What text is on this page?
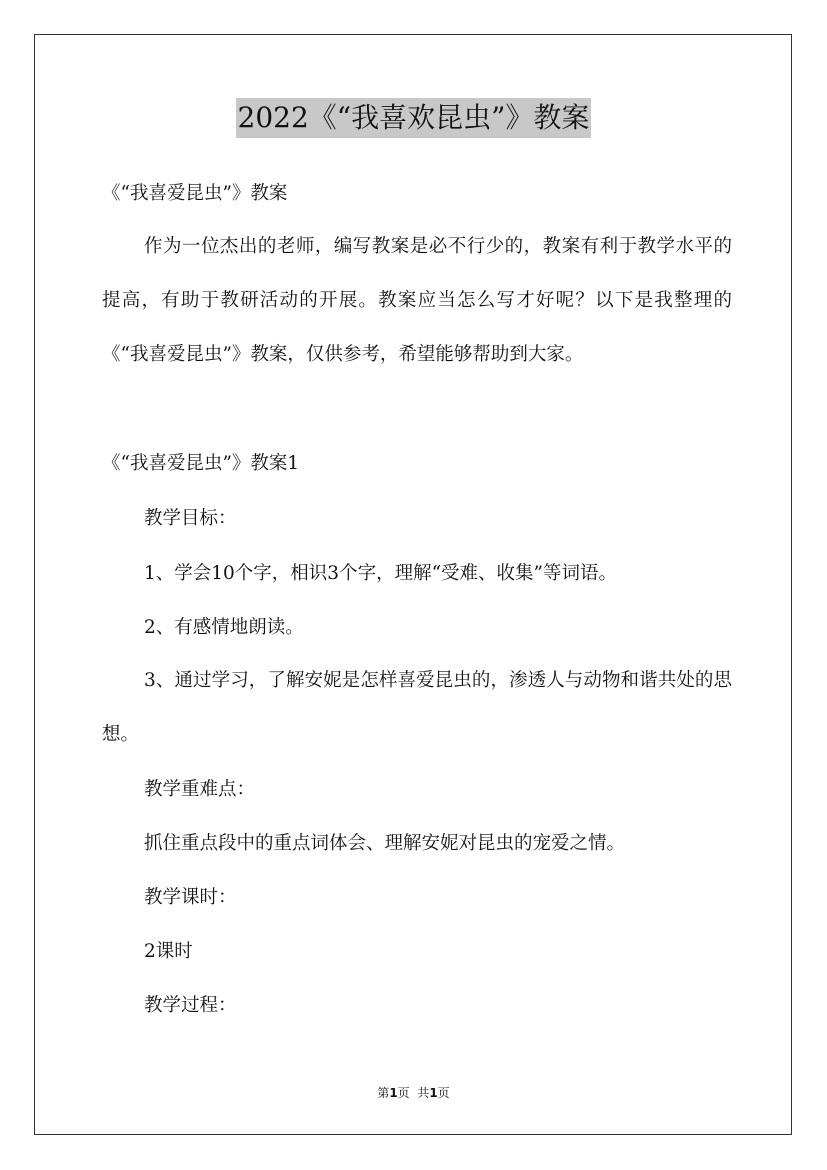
2022《“我喜欢昆虫”》教案

《“我喜爱昆虫”》教案

作为一位杰出的老师，编写教案是必不行少的，教案有利于教学水平的提高，有助于教研活动的开展。教案应当怎么写才好呢？以下是我整理的《“我喜爱昆虫”》教案，仅供参考，希望能够帮助到大家。

《“我喜爱昆虫”》教案1

教学目标：

1、学会10个字，相识3个字，理解“受难、收集”等词语。

2、有感情地朗读。

3、通过学习，了解安妮是怎样喜爱昆虫的，渗透人与动物和谐共处的思想。

教学重难点：

抓住重点段中的重点词体会、理解安妮对昆虫的宠爱之情。

教学课时：

2课时

教学过程：

第1页  共1页
